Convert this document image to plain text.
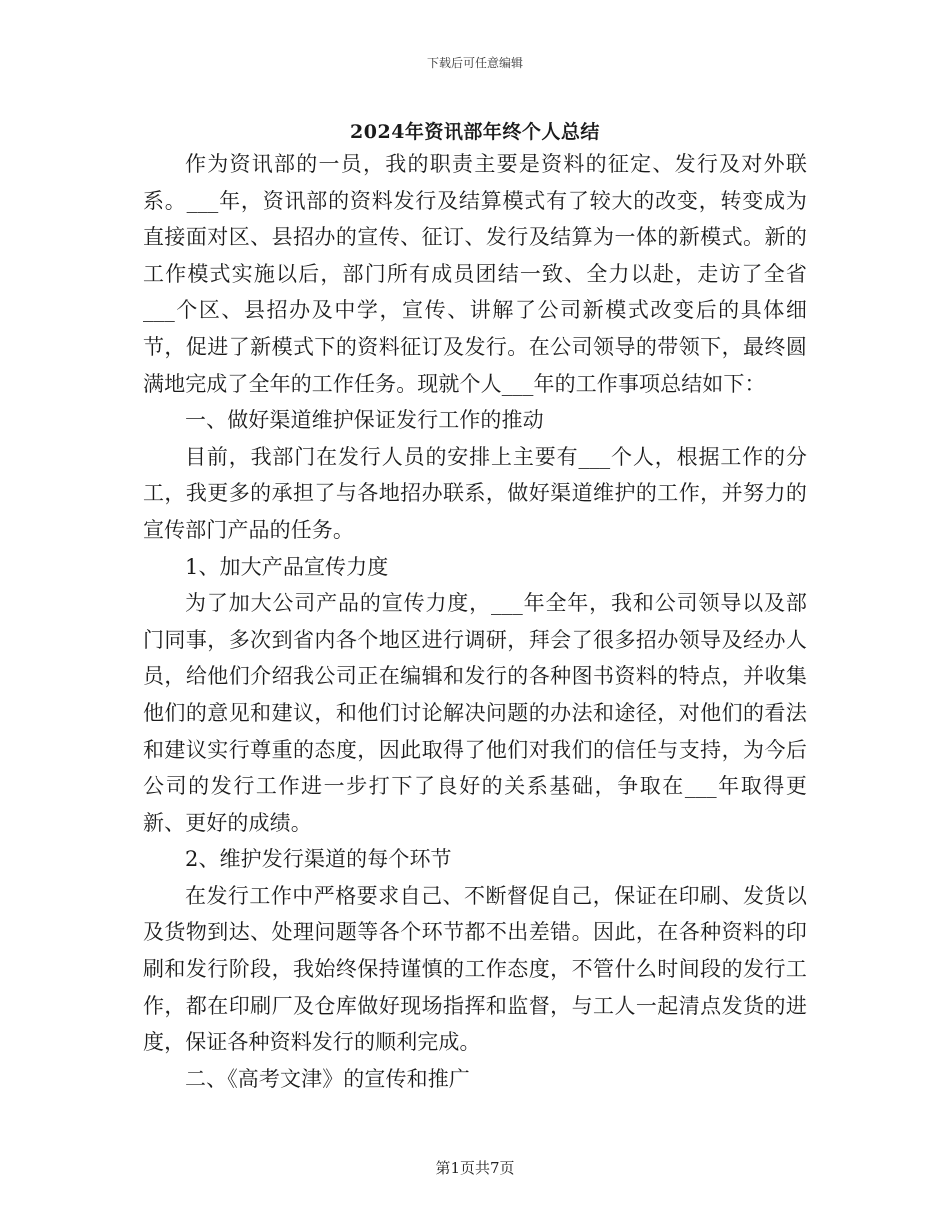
下载后可任意编辑
2024年资讯部年终个人总结

作为资讯部的一员，我的职责主要是资料的征定、发行及对外联系。___年，资讯部的资料发行及结算模式有了较大的改变，转变成为直接面对区、县招办的宣传、征订、发行及结算为一体的新模式。新的工作模式实施以后，部门所有成员团结一致、全力以赴，走访了全省___个区、县招办及中学，宣传、讲解了公司新模式改变后的具体细节，促进了新模式下的资料征订及发行。在公司领导的带领下，最终圆满地完成了全年的工作任务。现就个人___年的工作事项总结如下：

一、做好渠道维护保证发行工作的推动

目前，我部门在发行人员的安排上主要有___个人，根据工作的分工，我更多的承担了与各地招办联系，做好渠道维护的工作，并努力的宣传部门产品的任务。

1、加大产品宣传力度

为了加大公司产品的宣传力度，___年全年，我和公司领导以及部门同事，多次到省内各个地区进行调研，拜会了很多招办领导及经办人员，给他们介绍我公司正在编辑和发行的各种图书资料的特点，并收集他们的意见和建议，和他们讨论解决问题的办法和途径，对他们的看法和建议实行尊重的态度，因此取得了他们对我们的信任与支持，为今后公司的发行工作进一步打下了良好的关系基础，争取在___年取得更新、更好的成绩。

2、维护发行渠道的每个环节

在发行工作中严格要求自己、不断督促自己，保证在印刷、发货以及货物到达、处理问题等各个环节都不出差错。因此，在各种资料的印刷和发行阶段，我始终保持谨慎的工作态度，不管什么时间段的发行工作，都在印刷厂及仓库做好现场指挥和监督，与工人一起清点发货的进度，保证各种资料发行的顺利完成。

二、《高考文津》的宣传和推广

第1页共7页
